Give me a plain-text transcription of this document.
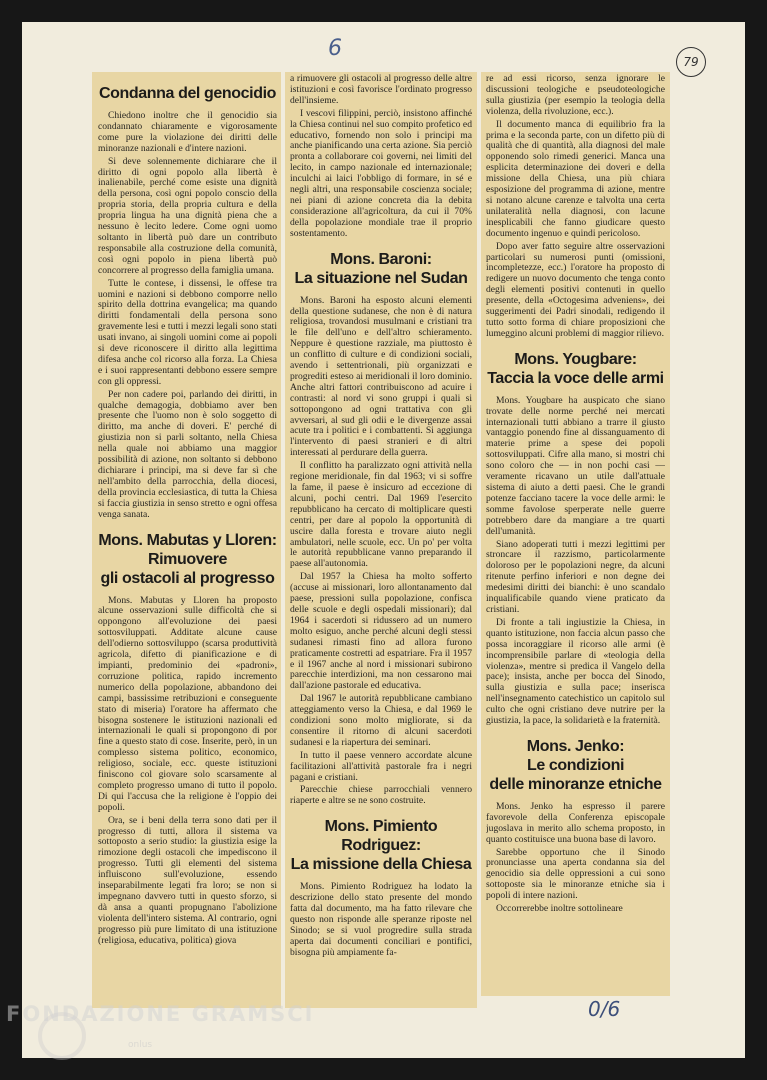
6
0/6
79
Condanna del genocidio

Chiedono inoltre che il genocidio sia condannato chiaramente e vigorosamente come pure la violazione dei diritti delle minoranze nazionali e d'intere nazioni.

Si deve solennemente dichiarare che il diritto di ogni popolo alla libertà è inalienabile, perché come esiste una dignità della persona, così ogni popolo conscio della propria storia, della propria cultura e della propria lingua ha una dignità piena che a nessuno è lecito ledere. Come ogni uomo soltanto in libertà può dare un contributo responsabile alla costruzione della comunità, così ogni popolo in piena libertà può concorrere al progresso della famiglia umana.

Tutte le contese, i dissensi, le offese tra uomini e nazioni si debbono comporre nello spirito della dottrina evangelica; ma quando diritti fondamentali della persona sono gravemente lesi e tutti i mezzi legali sono stati usati invano, ai singoli uomini come ai popoli si deve riconoscere il diritto alla legittima difesa anche col ricorso alla forza. La Chiesa e i suoi rappresentanti debbono essere sempre con gli oppressi.

Per non cadere poi, parlando dei diritti, in qualche demagogia, dobbiamo aver ben presente che l'uomo non è solo soggetto di diritto, ma anche di doveri. E' perché di giustizia non si parli soltanto, nella Chiesa nella quale noi abbiamo una maggior possibilità di azione, non soltanto si debbono dichiarare i principi, ma si deve far sì che nell'ambito della parrocchia, della diocesi, della provincia ecclesiastica, di tutta la Chiesa si faccia giustizia in senso stretto e ogni offesa venga sanata.

Mons. Mabutas y Lloren:
Rimuovere
gli ostacoli al progresso

Mons. Mabutas y Lloren ha proposto alcune osservazioni sulle difficoltà che si oppongono all'evoluzione dei paesi sottosviluppati. Additate alcune cause dell'odierno sottosviluppo (scarsa produttività agricola, difetto di pianificazione e di impianti, predominio dei «padroni», corruzione politica, rapido incremento numerico della popolazione, abbandono dei campi, bassissime retribuzioni e conseguente stato di miseria) l'oratore ha affermato che bisogna sostenere le istituzioni nazionali ed internazionali le quali si propongono di por fine a questo stato di cose. Inserite, però, in un complesso sistema politico, economico, religioso, sociale, ecc. queste istituzioni finiscono col giovare solo scarsamente al completo progresso umano di tutto il popolo. Di qui l'accusa che la religione è l'oppio dei popoli.

Ora, se i beni della terra sono dati per il progresso di tutti, allora il sistema va sottoposto a serio studio: la giustizia esige la rimozione degli ostacoli che impediscono il progresso. Tutti gli elementi del sistema influiscono sull'evoluzione, essendo inseparabilmente legati fra loro; se non si impegnano davvero tutti in questo sforzo, si dà ansa a quanti propugnano l'abolizione violenta dell'intero sistema. Al contrario, ogni progresso più pure limitato di una istituzione (religiosa, educativa, politica) giova

a rimuovere gli ostacoli al progresso delle altre istituzioni e così favorisce l'ordinato progresso dell'insieme.

I vescovi filippini, perciò, insistono affinché la Chiesa continui nel suo compito profetico ed educativo, fornendo non solo i principi ma anche pianificando una certa azione. Sia perciò pronta a collaborare coi governi, nei limiti del lecito, in campo nazionale ed internazionale; inculchi ai laici l'obbligo di formare, in sé e negli altri, una responsabile coscienza sociale; nei piani di azione concreta dia la debita considerazione all'agricoltura, da cui il 70% della popolazione mondiale trae il proprio sostentamento.

Mons. Baroni:
La situazione nel Sudan

Mons. Baroni ha esposto alcuni elementi della questione sudanese, che non è di natura religiosa, trovandosi musulmani e cristiani tra le file dell'uno e dell'altro schieramento. Neppure è questione razziale, ma piuttosto è un conflitto di culture e di condizioni sociali, avendo i settentrionali, più organizzati e progrediti esteso ai meridionali il loro dominio. Anche altri fattori contribuiscono ad acuire i contrasti: al nord vi sono gruppi i quali si sottopongono ad ogni trattativa con gli avversari, al sud gli odii e le divergenze assai acute tra i politici e i combattenti. Si aggiunga l'intervento di paesi stranieri e di altri interessati al perdurare della guerra.

Il conflitto ha paralizzato ogni attività nella regione meridionale, fin dal 1963; vi si soffre la fame, il paese è insicuro ad eccezione di alcuni, pochi centri. Dal 1969 l'esercito repubblicano ha cercato di moltiplicare questi centri, per dare al popolo la opportunità di uscire dalla foresta e trovare aiuto negli ambulatori, nelle scuole, ecc. Un po' per volta le autorità repubblicane vanno preparando il paese all'autonomia.

Dal 1957 la Chiesa ha molto sofferto (accuse ai missionari, loro allontanamento dal paese, pressioni sulla popolazione, confisca delle scuole e degli ospedali missionari); dal 1964 i sacerdoti si ridussero ad un numero molto esiguo, anche perché alcuni degli stessi sudanesi rimasti fino ad allora furono praticamente costretti ad espatriare. Fra il 1957 e il 1967 anche al nord i missionari subirono parecchie interdizioni, ma non cessarono mai dall'azione pastorale ed educativa.

Dal 1967 le autorità repubblicane cambiano atteggiamento verso la Chiesa, e dal 1969 le condizioni sono molto migliorate, si da consentire il ritorno di alcuni sacerdoti sudanesi e la riapertura dei seminari.

In tutto il paese vennero accordate alcune facilitazioni all'attività pastorale fra i negri pagani e cristiani.

Parecchie chiese parrocchiali vennero riaperte e altre se ne sono costruite.

Mons. Pimiento Rodriguez:
La missione della Chiesa

Mons. Pimiento Rodriguez ha lodato la descrizione dello stato presente del mondo fatta dal documento, ma ha fatto rilevare che questo non risponde alle speranze riposte nel Sinodo; se si vuol progredire sulla strada aperta dai documenti conciliari e pontifici, bisogna più ampiamente fa-

re ad essi ricorso, senza ignorare le discussioni teologiche e pseudoteologiche sulla giustizia (per esempio la teologia della violenza, della rivoluzione, ecc.).

Il documento manca di equilibrio fra la prima e la seconda parte, con un difetto più di qualità che di quantità, alla diagnosi del male opponendo solo rimedi generici. Manca una esplicita determinazione dei doveri e della missione della Chiesa, una più chiara esposizione del programma di azione, mentre si notano alcune carenze e talvolta una certa unilateralità nella diagnosi, con lacune inesplicabili che fanno giudicare questo documento ingenuo e quindi pericoloso.

Dopo aver fatto seguire altre osservazioni particolari su numerosi punti (omissioni, incompletezze, ecc.) l'oratore ha proposto di redigere un nuovo documento che tenga conto degli elementi positivi contenuti in quello presente, della «Octogesima adveniens», dei suggerimenti dei Padri sinodali, redigendo il tutto sotto forma di chiare proposizioni che lumeggino alcuni problemi di maggior rilievo.

Mons. Yougbare:
Taccia la voce delle armi

Mons. Yougbare ha auspicato che siano trovate delle norme perché nei mercati internazionali tutti abbiano a trarre il giusto vantaggio ponendo fine al dissanguamento di materie prime a spese dei popoli sottosviluppati. Cifre alla mano, si mostri chi sono coloro che — in non pochi casi — veramente ricavano un utile dall'attuale sistema di aiuto a detti paesi. Che le grandi potenze facciano tacere la voce delle armi: le somme favolose sperperate nelle guerre potrebbero dare da mangiare a tre quarti dell'umanità.

Siano adoperati tutti i mezzi legittimi per stroncare il razzismo, particolarmente doloroso per le popolazioni negre, da alcuni ritenute perfino inferiori e non degne dei medesimi diritti dei bianchi: è uno scandalo inqualificabile quando viene praticato da cristiani.

Di fronte a tali ingiustizie la Chiesa, in quanto istituzione, non faccia alcun passo che possa incoraggiare il ricorso alle armi (è incomprensibile parlare di «teologia della violenza», mentre si predica il Vangelo della pace); insista, anche per bocca del Sinodo, sulla giustizia e sulla pace; inserisca nell'insegnamento catechistico un capitolo sul culto che ogni cristiano deve nutrire per la giustizia, la pace, la solidarietà e la fraternità.

Mons. Jenko:
Le condizioni
delle minoranze etniche

Mons. Jenko ha espresso il parere favorevole della Conferenza episcopale jugoslava in merito allo schema proposto, in quanto costituisce una buona base di lavoro.

Sarebbe opportuno che il Sinodo pronunciasse una aperta condanna sia del genocidio sia delle oppressioni a cui sono sottoposte sia le minoranze etniche sia i popoli di intere nazioni.

Occorrerebbe inoltre sottolineare

FONDAZIONE GRAMSCI
onlus
